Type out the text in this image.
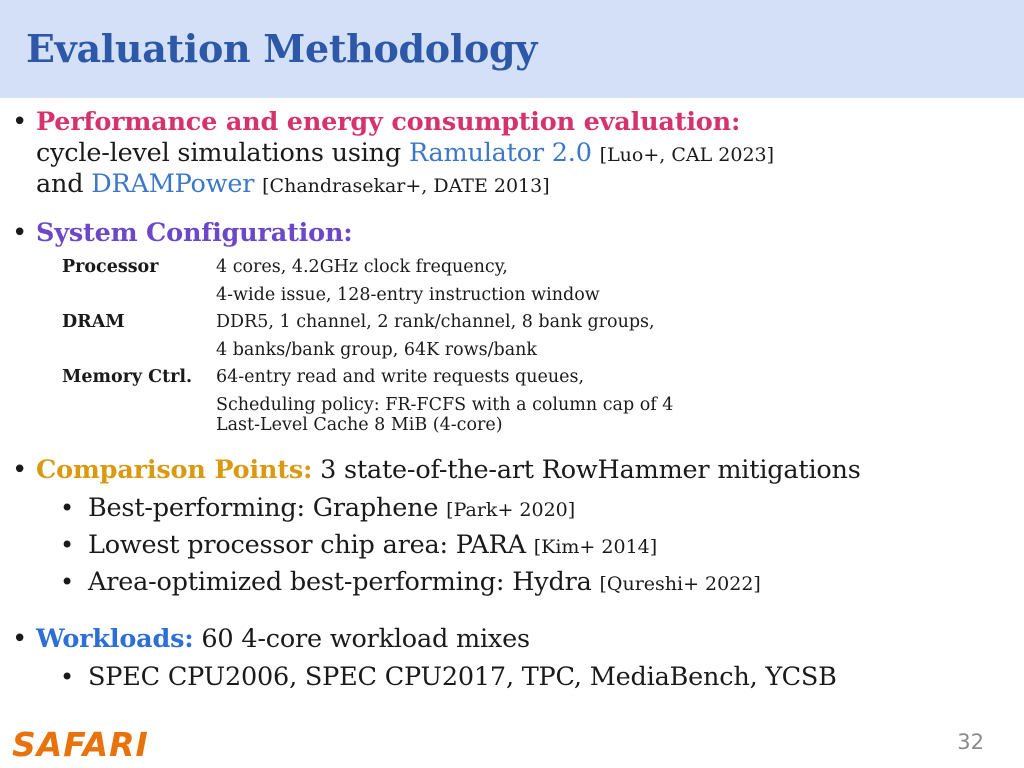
Evaluation Methodology
• Performance and energy consumption evaluation:
cycle-level simulations using Ramulator 2.0 [Luo+, CAL 2023]
and DRAMPower [Chandrasekar+, DATE 2013]
• System Configuration:
Processor	4 cores, 4.2GHz clock frequency,
4-wide issue, 128-entry instruction window
DRAM	DDR5, 1 channel, 2 rank/channel, 8 bank groups,
4 banks/bank group, 64K rows/bank
Memory Ctrl. 64-entry read and write requests queues,
Scheduling policy: FR-FCFS with a column cap of 4
Last-Level Cache 8 MiB (4-core)
• Comparison Points: 3 state-of-the-art RowHammer mitigations
• Best-performing: Graphene [Park+ 2020]
• Lowest processor chip area: PARA [Kim+ 2014]
• Area-optimized best-performing: Hydra [Qureshi+ 2022]
• Workloads: 60 4-core workload mixes
• SPEC CPU2006, SPEC CPU2017, TPC, MediaBench, YCSB
SAFARI	32
